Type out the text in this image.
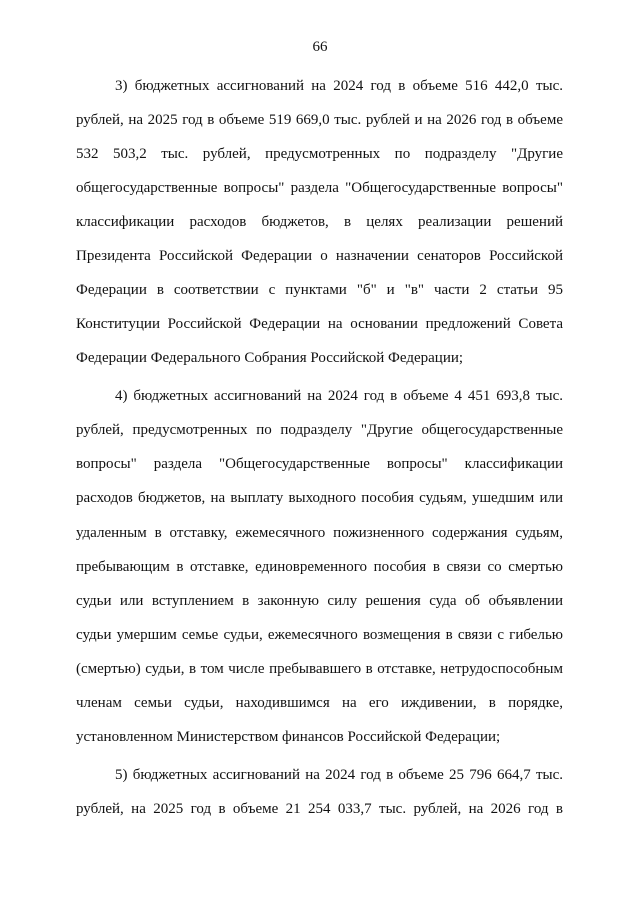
66
3) бюджетных ассигнований на 2024 год в объеме 516 442,0 тыс.
рублей, на 2025 год в объеме 519 669,0 тыс. рублей и на 2026 год в объеме
532 503,2 тыс. рублей, предусмотренных по подразделу "Другие
общегосударственные вопросы" раздела "Общегосударственные вопросы"
классификации расходов бюджетов, в целях реализации решений
Президента Российской Федерации о назначении сенаторов Российской
Федерации в соответствии с пунктами "б" и "в" части 2 статьи 95
Конституции Российской Федерации на основании предложений Совета
Федерации Федерального Собрания Российской Федерации;
4) бюджетных ассигнований на 2024 год в объеме 4 451 693,8 тыс.
рублей, предусмотренных по подразделу "Другие общегосударственные
вопросы" раздела "Общегосударственные вопросы" классификации
расходов бюджетов, на выплату выходного пособия судьям, ушедшим или
удаленным в отставку, ежемесячного пожизненного содержания судьям,
пребывающим в отставке, единовременного пособия в связи со смертью
судьи или вступлением в законную силу решения суда об объявлении
судьи умершим семье судьи, ежемесячного возмещения в связи с гибелью
(смертью) судьи, в том числе пребывавшего в отставке, нетрудоспособным
членам семьи судьи, находившимся на его иждивении, в порядке,
установленном Министерством финансов Российской Федерации;
5) бюджетных ассигнований на 2024 год в объеме 25 796 664,7 тыс.
рублей, на 2025 год в объеме 21 254 033,7 тыс. рублей, на 2026 год в
